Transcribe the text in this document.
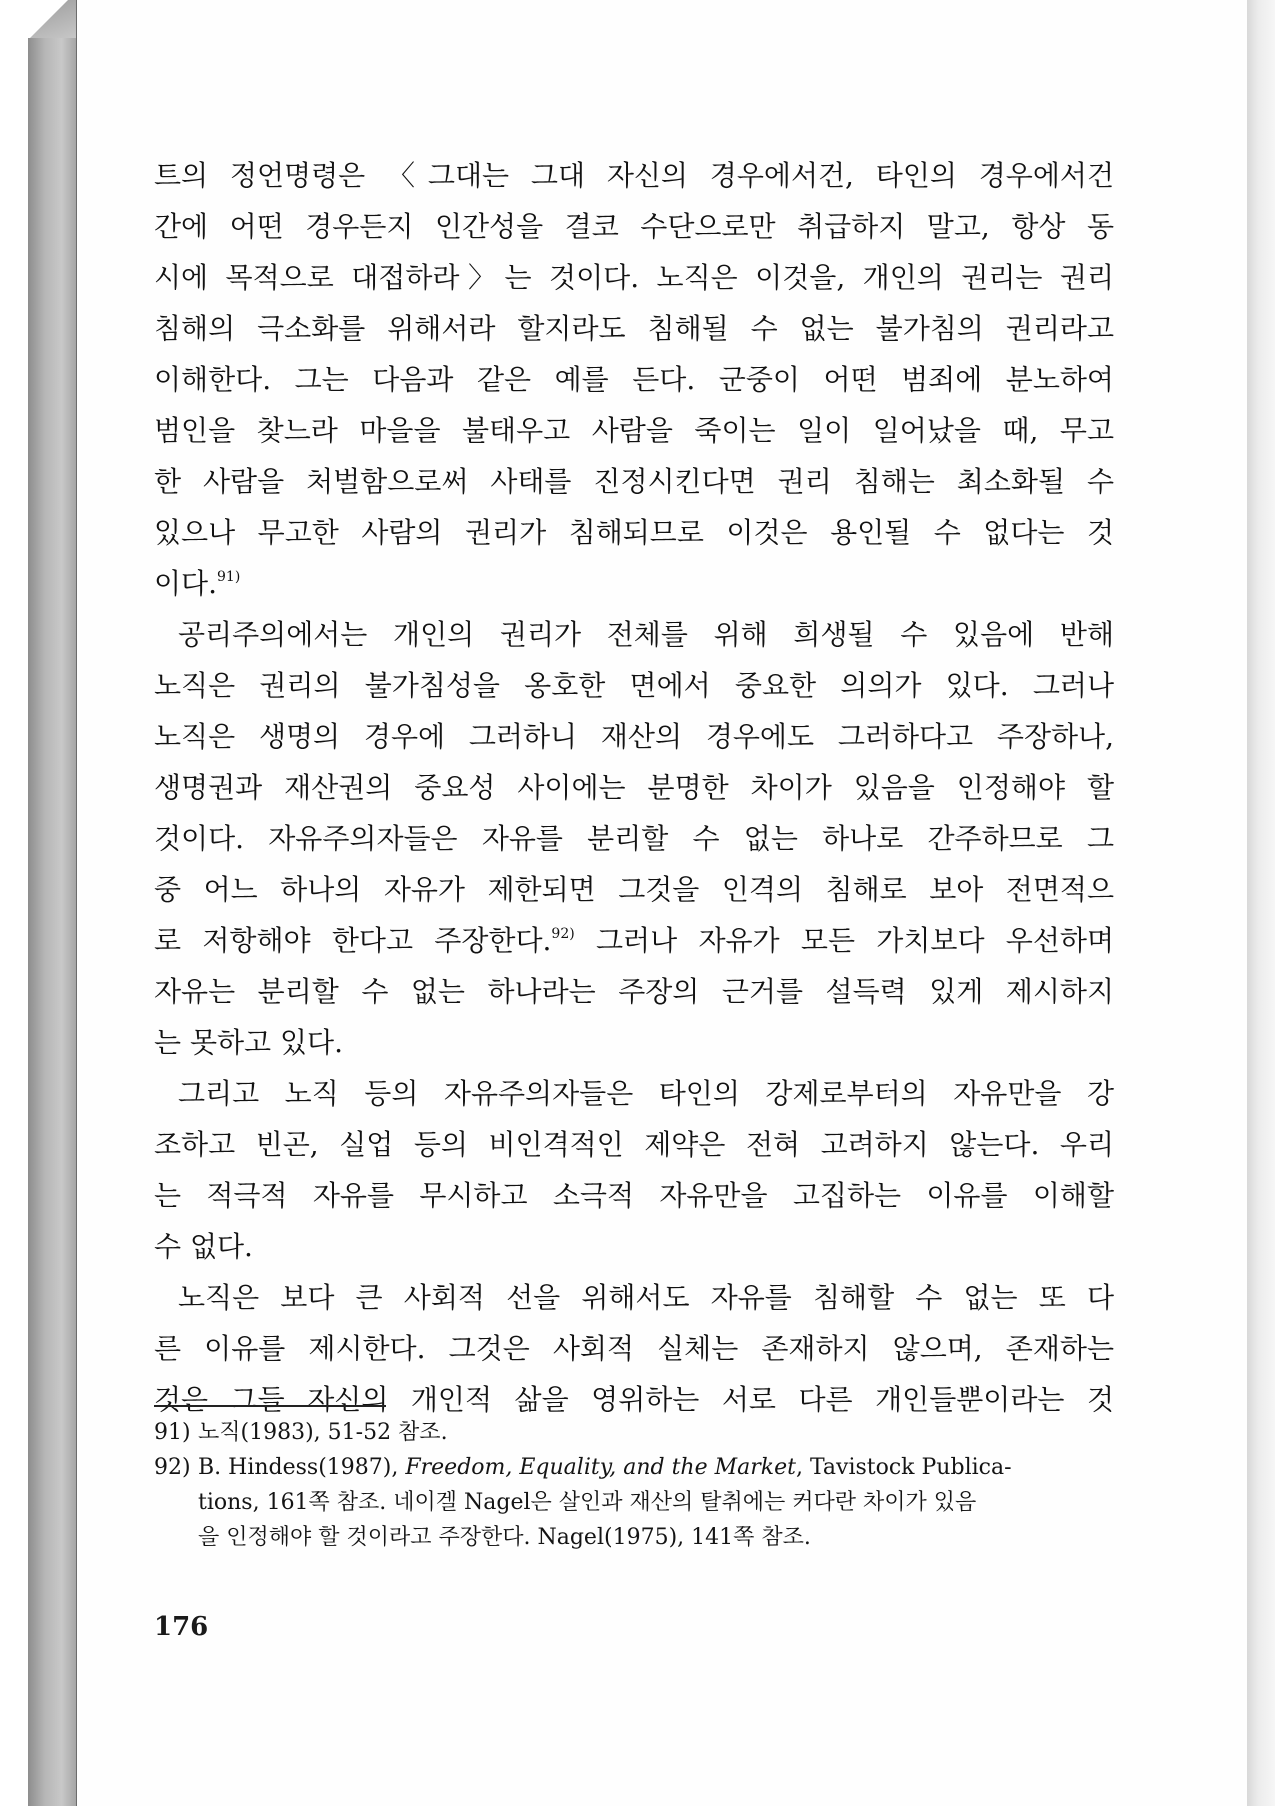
트의 정언명령은 〈그대는 그대 자신의 경우에서건, 타인의 경우에서건
간에 어떤 경우든지 인간성을 결코 수단으로만 취급하지 말고, 항상 동
시에 목적으로 대접하라〉는 것이다. 노직은 이것을, 개인의 권리는 권리
침해의 극소화를 위해서라 할지라도 침해될 수 없는 불가침의 권리라고
이해한다. 그는 다음과 같은 예를 든다. 군중이 어떤 범죄에 분노하여
범인을 찾느라 마을을 불태우고 사람을 죽이는 일이 일어났을 때, 무고
한 사람을 처벌함으로써 사태를 진정시킨다면 권리 침해는 최소화될 수
있으나 무고한 사람의 권리가 침해되므로 이것은 용인될 수 없다는 것
이다.$^{91)}$
공리주의에서는 개인의 권리가 전체를 위해 희생될 수 있음에 반해
노직은 권리의 불가침성을 옹호한 면에서 중요한 의의가 있다. 그러나
노직은 생명의 경우에 그러하니 재산의 경우에도 그러하다고 주장하나,
생명권과 재산권의 중요성 사이에는 분명한 차이가 있음을 인정해야 할
것이다. 자유주의자들은 자유를 분리할 수 없는 하나로 간주하므로 그
중 어느 하나의 자유가 제한되면 그것을 인격의 침해로 보아 전면적으
로 저항해야 한다고 주장한다.$^{92)}$ 그러나 자유가 모든 가치보다 우선하며
자유는 분리할 수 없는 하나라는 주장의 근거를 설득력 있게 제시하지
는 못하고 있다.
그리고 노직 등의 자유주의자들은 타인의 강제로부터의 자유만을 강
조하고 빈곤, 실업 등의 비인격적인 제약은 전혀 고려하지 않는다. 우리
는 적극적 자유를 무시하고 소극적 자유만을 고집하는 이유를 이해할
수 없다.
노직은 보다 큰 사회적 선을 위해서도 자유를 침해할 수 없는 또 다
른 이유를 제시한다. 그것은 사회적 실체는 존재하지 않으며, 존재하는
것은 그들 자신의 개인적 삶을 영위하는 서로 다른 개인들뿐이라는 것
91) 노직(1983), 51-52 참조.
92) B. Hindess(1987), Freedom, Equality, and the Market, Tavistock Publica-
tions, 161쪽 참조. 네이겔 Nagel은 살인과 재산의 탈취에는 커다란 차이가 있음
을 인정해야 할 것이라고 주장한다. Nagel(1975), 141쪽 참조.
176
